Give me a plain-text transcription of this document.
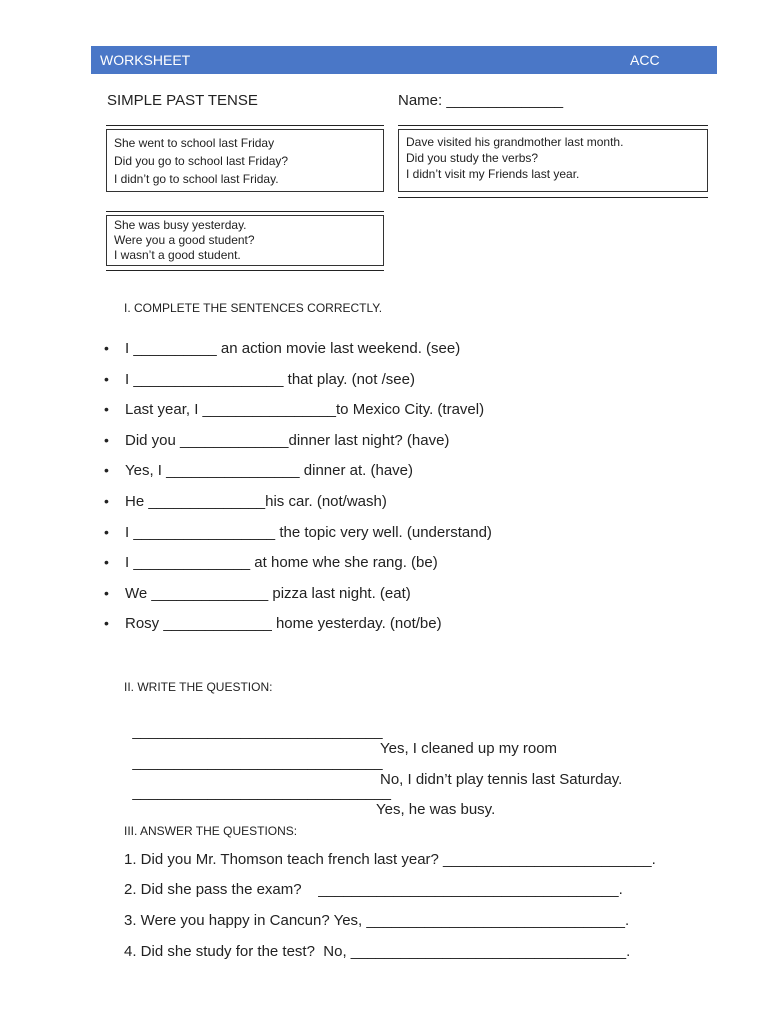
WORKSHEET	ACC
SIMPLE PAST TENSE	Name: ______________
She went to school last Friday
Did you go to school last Friday?
I didn’t go to school last Friday.
Dave visited his grandmother last month.
Did you study the verbs?
I didn’t visit my Friends last year.
She was busy yesterday.
Were you a good student?
I wasn’t a good student.
I. COMPLETE THE SENTENCES CORRECTLY.
• I __________ an action movie last weekend. (see)
• I __________________ that play. (not /see)
• Last year, I ________________to Mexico City. (travel)
• Did you _____________dinner last night? (have)
• Yes, I ________________ dinner at. (have)
• He ______________his car. (not/wash)
• I _________________ the topic very well. (understand)
• I ______________ at home whe she rang. (be)
• We ______________ pizza last night. (eat)
• Rosy _____________ home yesterday. (not/be)
II. WRITE THE QUESTION:

______________________________

Yes, I cleaned up my room

______________________________

No, I didn’t play tennis last Saturday.

_______________________________

Yes, he was busy.

III. ANSWER THE QUESTIONS:
1. Did you Mr. Thomson teach french last year? _________________________.
2. Did she pass the exam?    ____________________________________.
3. Were you happy in Cancun? Yes, _______________________________.
4. Did she study for the test?  No, _________________________________.
